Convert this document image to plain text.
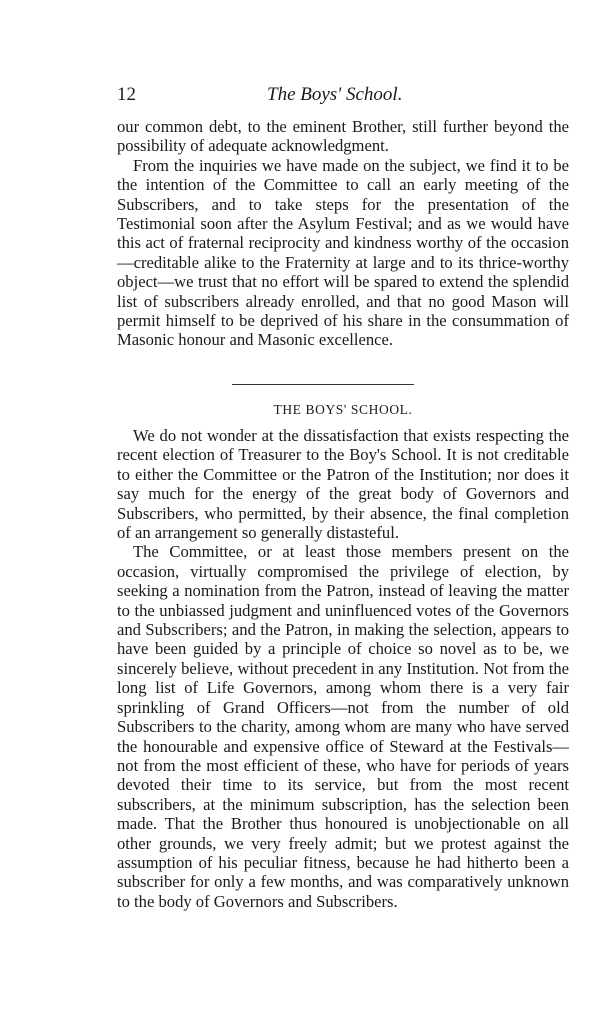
12	The Boys' School.

our common debt, to the eminent Brother, still further beyond the possibility of adequate acknowledgment.

From the inquiries we have made on the subject, we find it to be the intention of the Committee to call an early meeting of the Subscribers, and to take steps for the presentation of the Testimonial soon after the Asylum Festival; and as we would have this act of fraternal reciprocity and kindness worthy of the occasion—creditable alike to the Fraternity at large and to its thrice-worthy object—we trust that no effort will be spared to extend the splendid list of subscribers already enrolled, and that no good Mason will permit himself to be deprived of his share in the consummation of Masonic honour and Masonic excellence.

THE BOYS' SCHOOL.

We do not wonder at the dissatisfaction that exists respecting the recent election of Treasurer to the Boy's School. It is not creditable to either the Committee or the Patron of the Institution; nor does it say much for the energy of the great body of Governors and Subscribers, who permitted, by their absence, the final completion of an arrangement so generally distasteful.

The Committee, or at least those members present on the occasion, virtually compromised the privilege of election, by seeking a nomination from the Patron, instead of leaving the matter to the unbiassed judgment and uninfluenced votes of the Governors and Subscribers; and the Patron, in making the selection, appears to have been guided by a principle of choice so novel as to be, we sincerely believe, without precedent in any Institution. Not from the long list of Life Governors, among whom there is a very fair sprinkling of Grand Officers—not from the number of old Subscribers to the charity, among whom are many who have served the honourable and expensive office of Steward at the Festivals—not from the most efficient of these, who have for periods of years devoted their time to its service, but from the most recent subscribers, at the minimum subscription, has the selection been made. That the Brother thus honoured is unobjectionable on all other grounds, we very freely admit; but we protest against the assumption of his peculiar fitness, because he had hitherto been a subscriber for only a few months, and was comparatively unknown to the body of Governors and Subscribers.
